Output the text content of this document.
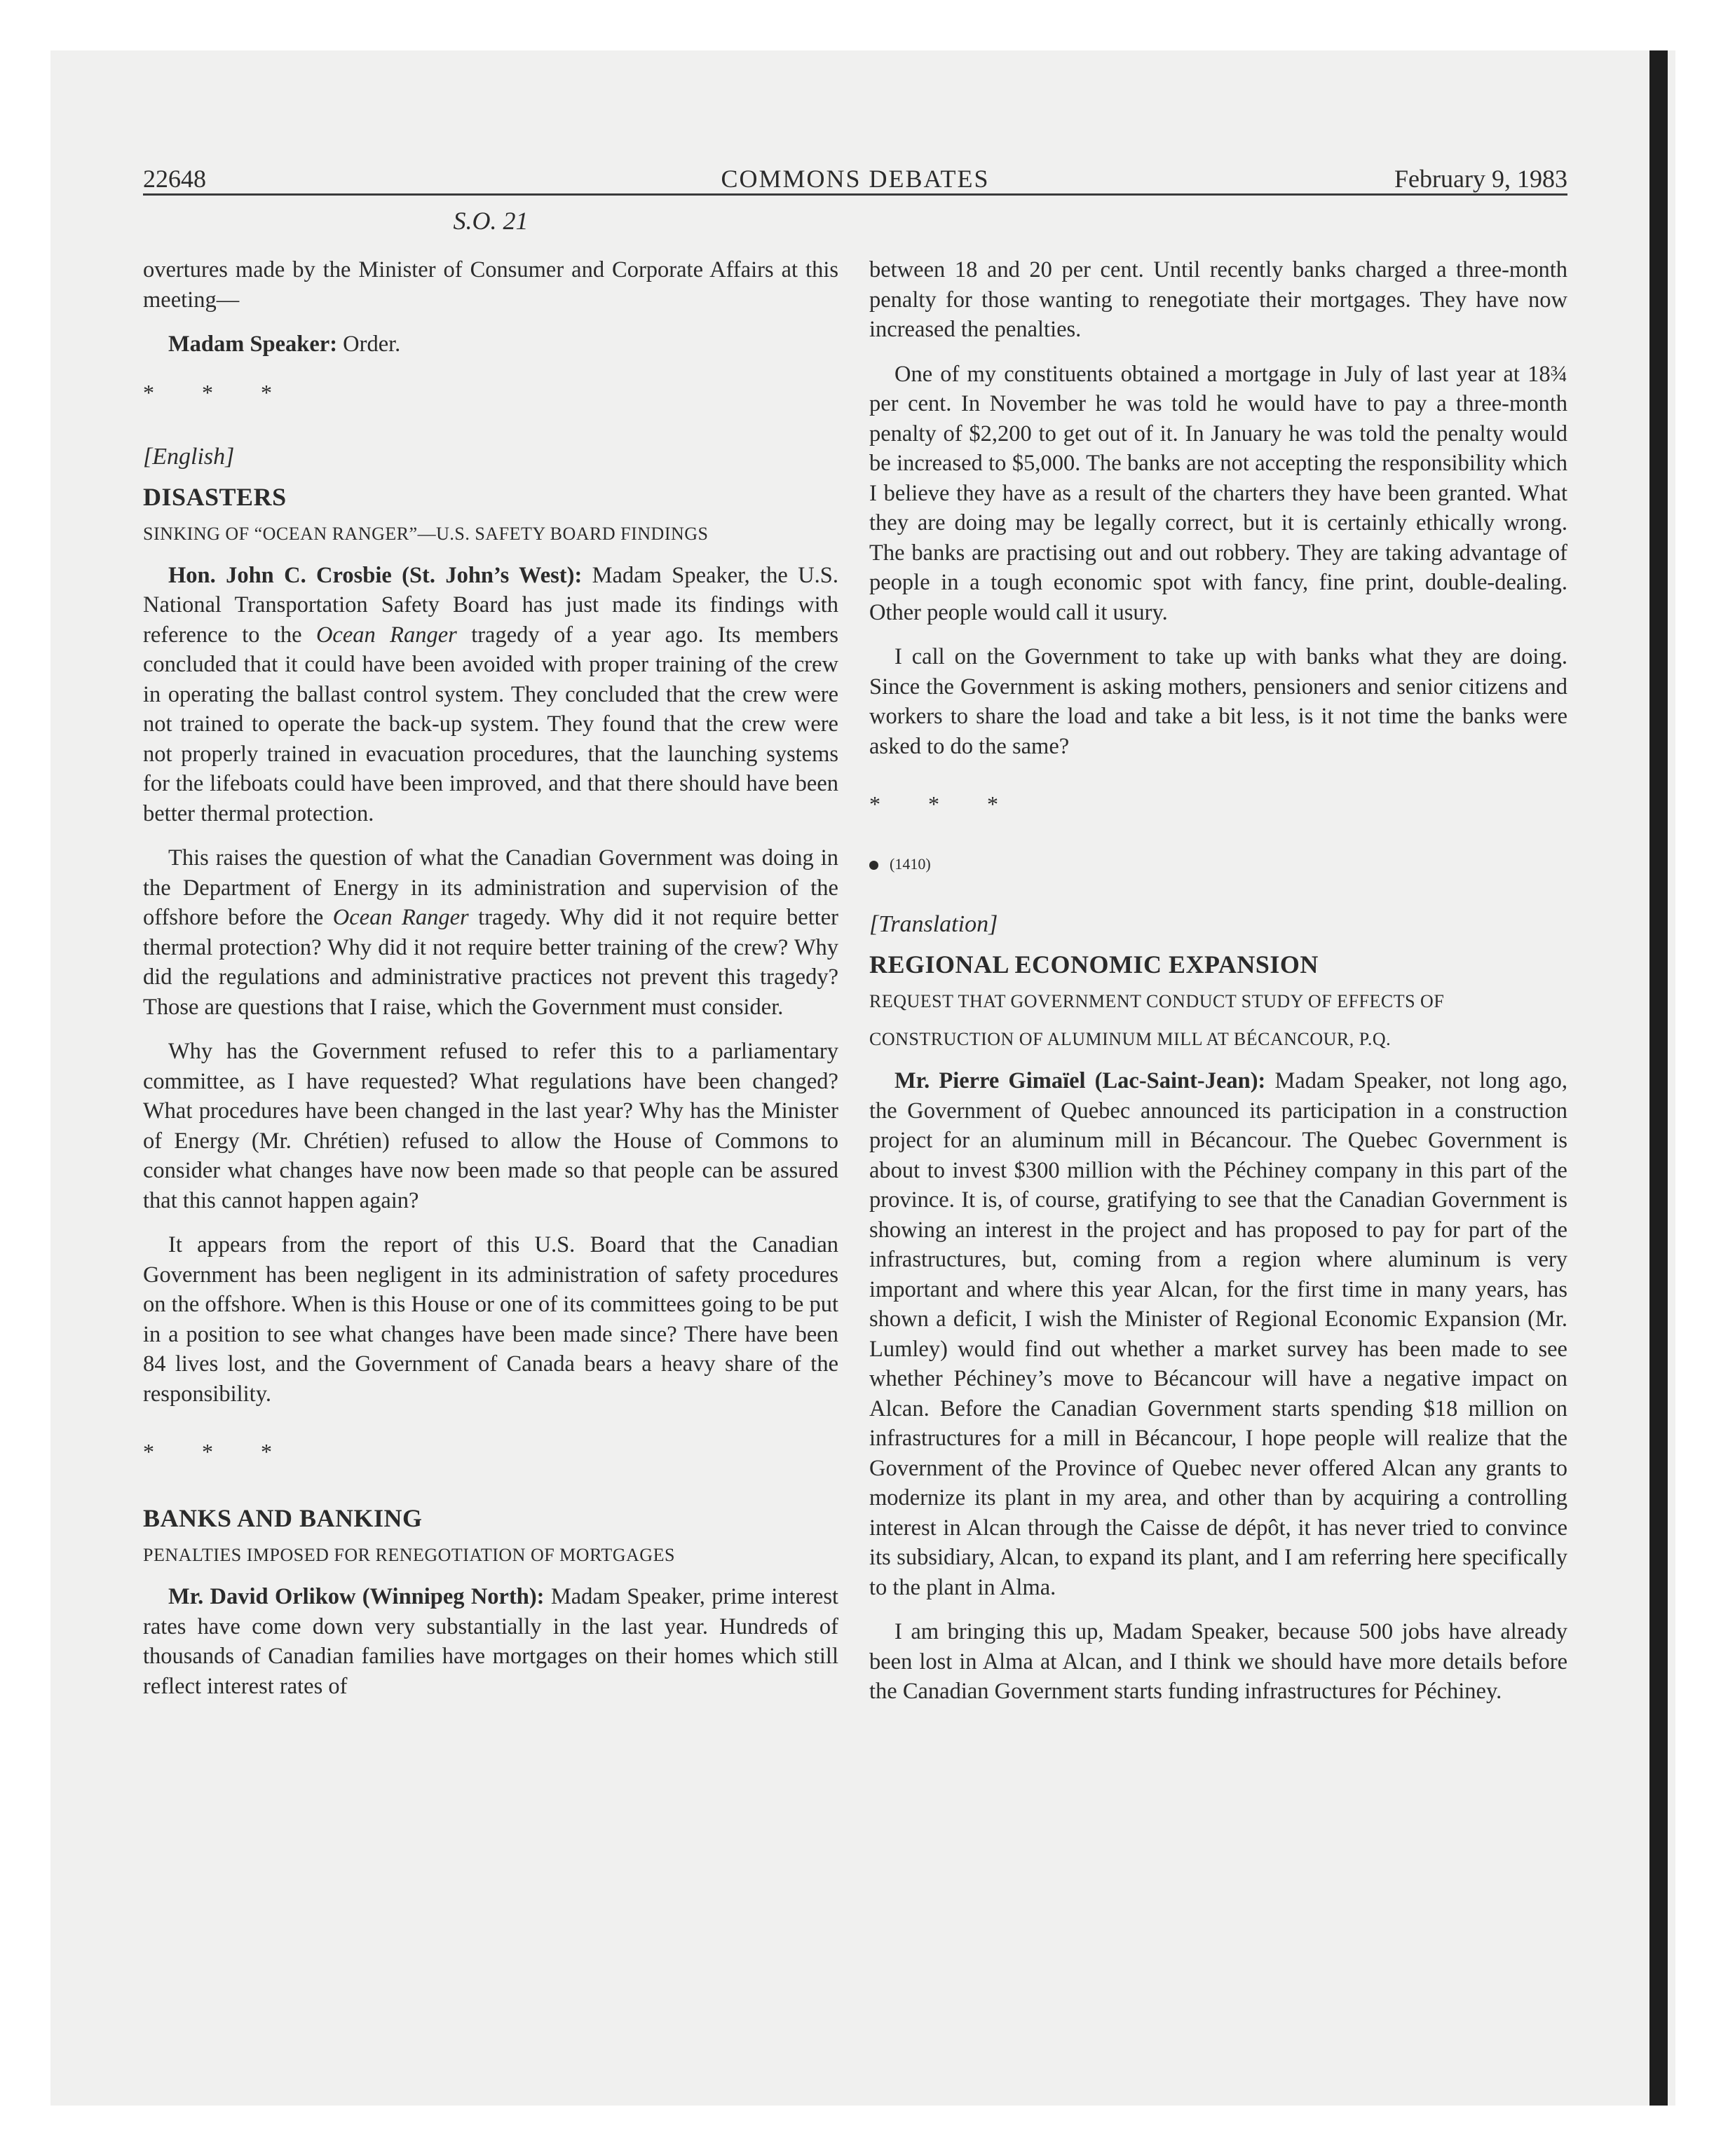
22648	COMMONS DEBATES	February 9, 1983
S.O. 21

overtures made by the Minister of Consumer and Corporate Affairs at this meeting—

Madam Speaker: Order.

* * *

[English]

DISASTERS

SINKING OF “OCEAN RANGER”—U.S. SAFETY BOARD FINDINGS

Hon. John C. Crosbie (St. John’s West): Madam Speaker, the U.S. National Transportation Safety Board has just made its findings with reference to the Ocean Ranger tragedy of a year ago. Its members concluded that it could have been avoided with proper training of the crew in operating the ballast control system. They concluded that the crew were not trained to operate the back-up system. They found that the crew were not properly trained in evacuation procedures, that the launching systems for the lifeboats could have been improved, and that there should have been better thermal protection.

This raises the question of what the Canadian Government was doing in the Department of Energy in its administration and supervision of the offshore before the Ocean Ranger tragedy. Why did it not require better thermal protection? Why did it not require better training of the crew? Why did the regulations and administrative practices not prevent this tragedy? Those are questions that I raise, which the Government must consider.

Why has the Government refused to refer this to a parliamentary committee, as I have requested? What regulations have been changed? What procedures have been changed in the last year? Why has the Minister of Energy (Mr. Chrétien) refused to allow the House of Commons to consider what changes have now been made so that people can be assured that this cannot happen again?

It appears from the report of this U.S. Board that the Canadian Government has been negligent in its administration of safety procedures on the offshore. When is this House or one of its committees going to be put in a position to see what changes have been made since? There have been 84 lives lost, and the Government of Canada bears a heavy share of the responsibility.

* * *

BANKS AND BANKING

PENALTIES IMPOSED FOR RENEGOTIATION OF MORTGAGES

Mr. David Orlikow (Winnipeg North): Madam Speaker, prime interest rates have come down very substantially in the last year. Hundreds of thousands of Canadian families have mortgages on their homes which still reflect interest rates of

between 18 and 20 per cent. Until recently banks charged a three-month penalty for those wanting to renegotiate their mortgages. They have now increased the penalties.

One of my constituents obtained a mortgage in July of last year at 18¾ per cent. In November he was told he would have to pay a three-month penalty of $2,200 to get out of it. In January he was told the penalty would be increased to $5,000. The banks are not accepting the responsibility which I believe they have as a result of the charters they have been granted. What they are doing may be legally correct, but it is certainly ethically wrong. The banks are practising out and out robbery. They are taking advantage of people in a tough economic spot with fancy, fine print, double-dealing. Other people would call it usury.

I call on the Government to take up with banks what they are doing. Since the Government is asking mothers, pensioners and senior citizens and workers to share the load and take a bit less, is it not time the banks were asked to do the same?

* * *

(1410)

[Translation]

REGIONAL ECONOMIC EXPANSION

REQUEST THAT GOVERNMENT CONDUCT STUDY OF EFFECTS OF

CONSTRUCTION OF ALUMINUM MILL AT BÉCANCOUR, P.Q.

Mr. Pierre Gimaïel (Lac-Saint-Jean): Madam Speaker, not long ago, the Government of Quebec announced its participation in a construction project for an aluminum mill in Bécancour. The Quebec Government is about to invest $300 million with the Péchiney company in this part of the province. It is, of course, gratifying to see that the Canadian Government is showing an interest in the project and has proposed to pay for part of the infrastructures, but, coming from a region where aluminum is very important and where this year Alcan, for the first time in many years, has shown a deficit, I wish the Minister of Regional Economic Expansion (Mr. Lumley) would find out whether a market survey has been made to see whether Péchiney’s move to Bécancour will have a negative impact on Alcan. Before the Canadian Government starts spending $18 million on infrastructures for a mill in Bécancour, I hope people will realize that the Government of the Province of Quebec never offered Alcan any grants to modernize its plant in my area, and other than by acquiring a controlling interest in Alcan through the Caisse de dépôt, it has never tried to convince its subsidiary, Alcan, to expand its plant, and I am referring here specifically to the plant in Alma.

I am bringing this up, Madam Speaker, because 500 jobs have already been lost in Alma at Alcan, and I think we should have more details before the Canadian Government starts funding infrastructures for Péchiney.
